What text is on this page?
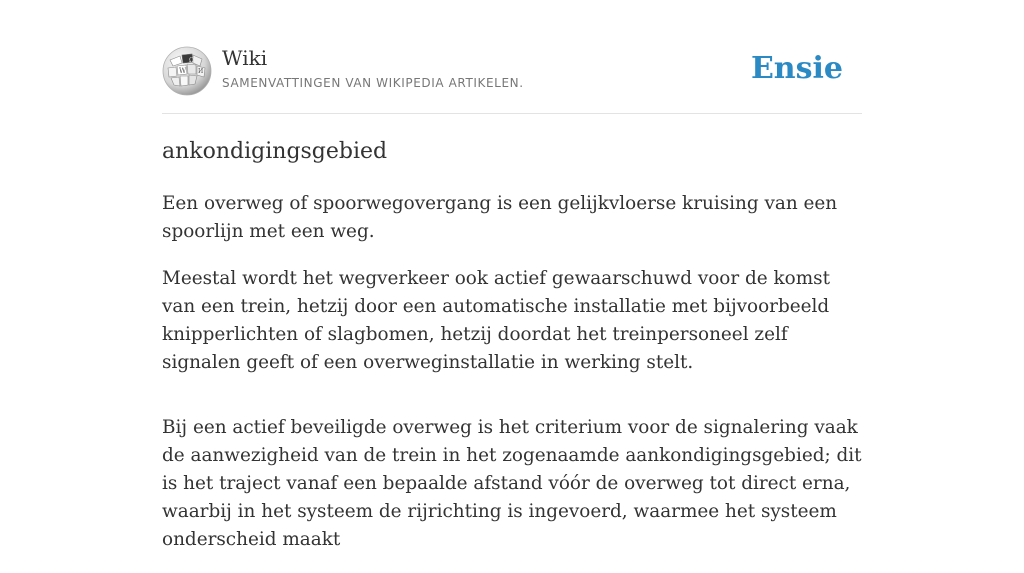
W
Ω
И
Wiki
SAMENVATTINGEN VAN WIKIPEDIA ARTIKELEN.	Ensie
ankondigingsgebied

Een overweg of spoorwegovergang is een gelijkvloerse kruising van een spoorlijn met een weg.

Meestal wordt het wegverkeer ook actief gewaarschuwd voor de komst van een trein, hetzij door een automatische installatie met bijvoorbeeld knipperlichten of slagbomen, hetzij doordat het treinpersoneel zelf signalen geeft of een overweginstallatie in werking stelt.

Bij een actief beveiligde overweg is het criterium voor de signalering vaak de aanwezigheid van de trein in het zogenaamde aankondigingsgebied; dit is het traject vanaf een bepaalde afstand vóór de overweg tot direct erna, waarbij in het systeem de rijrichting is ingevoerd, waarmee het systeem onderscheid maakt
